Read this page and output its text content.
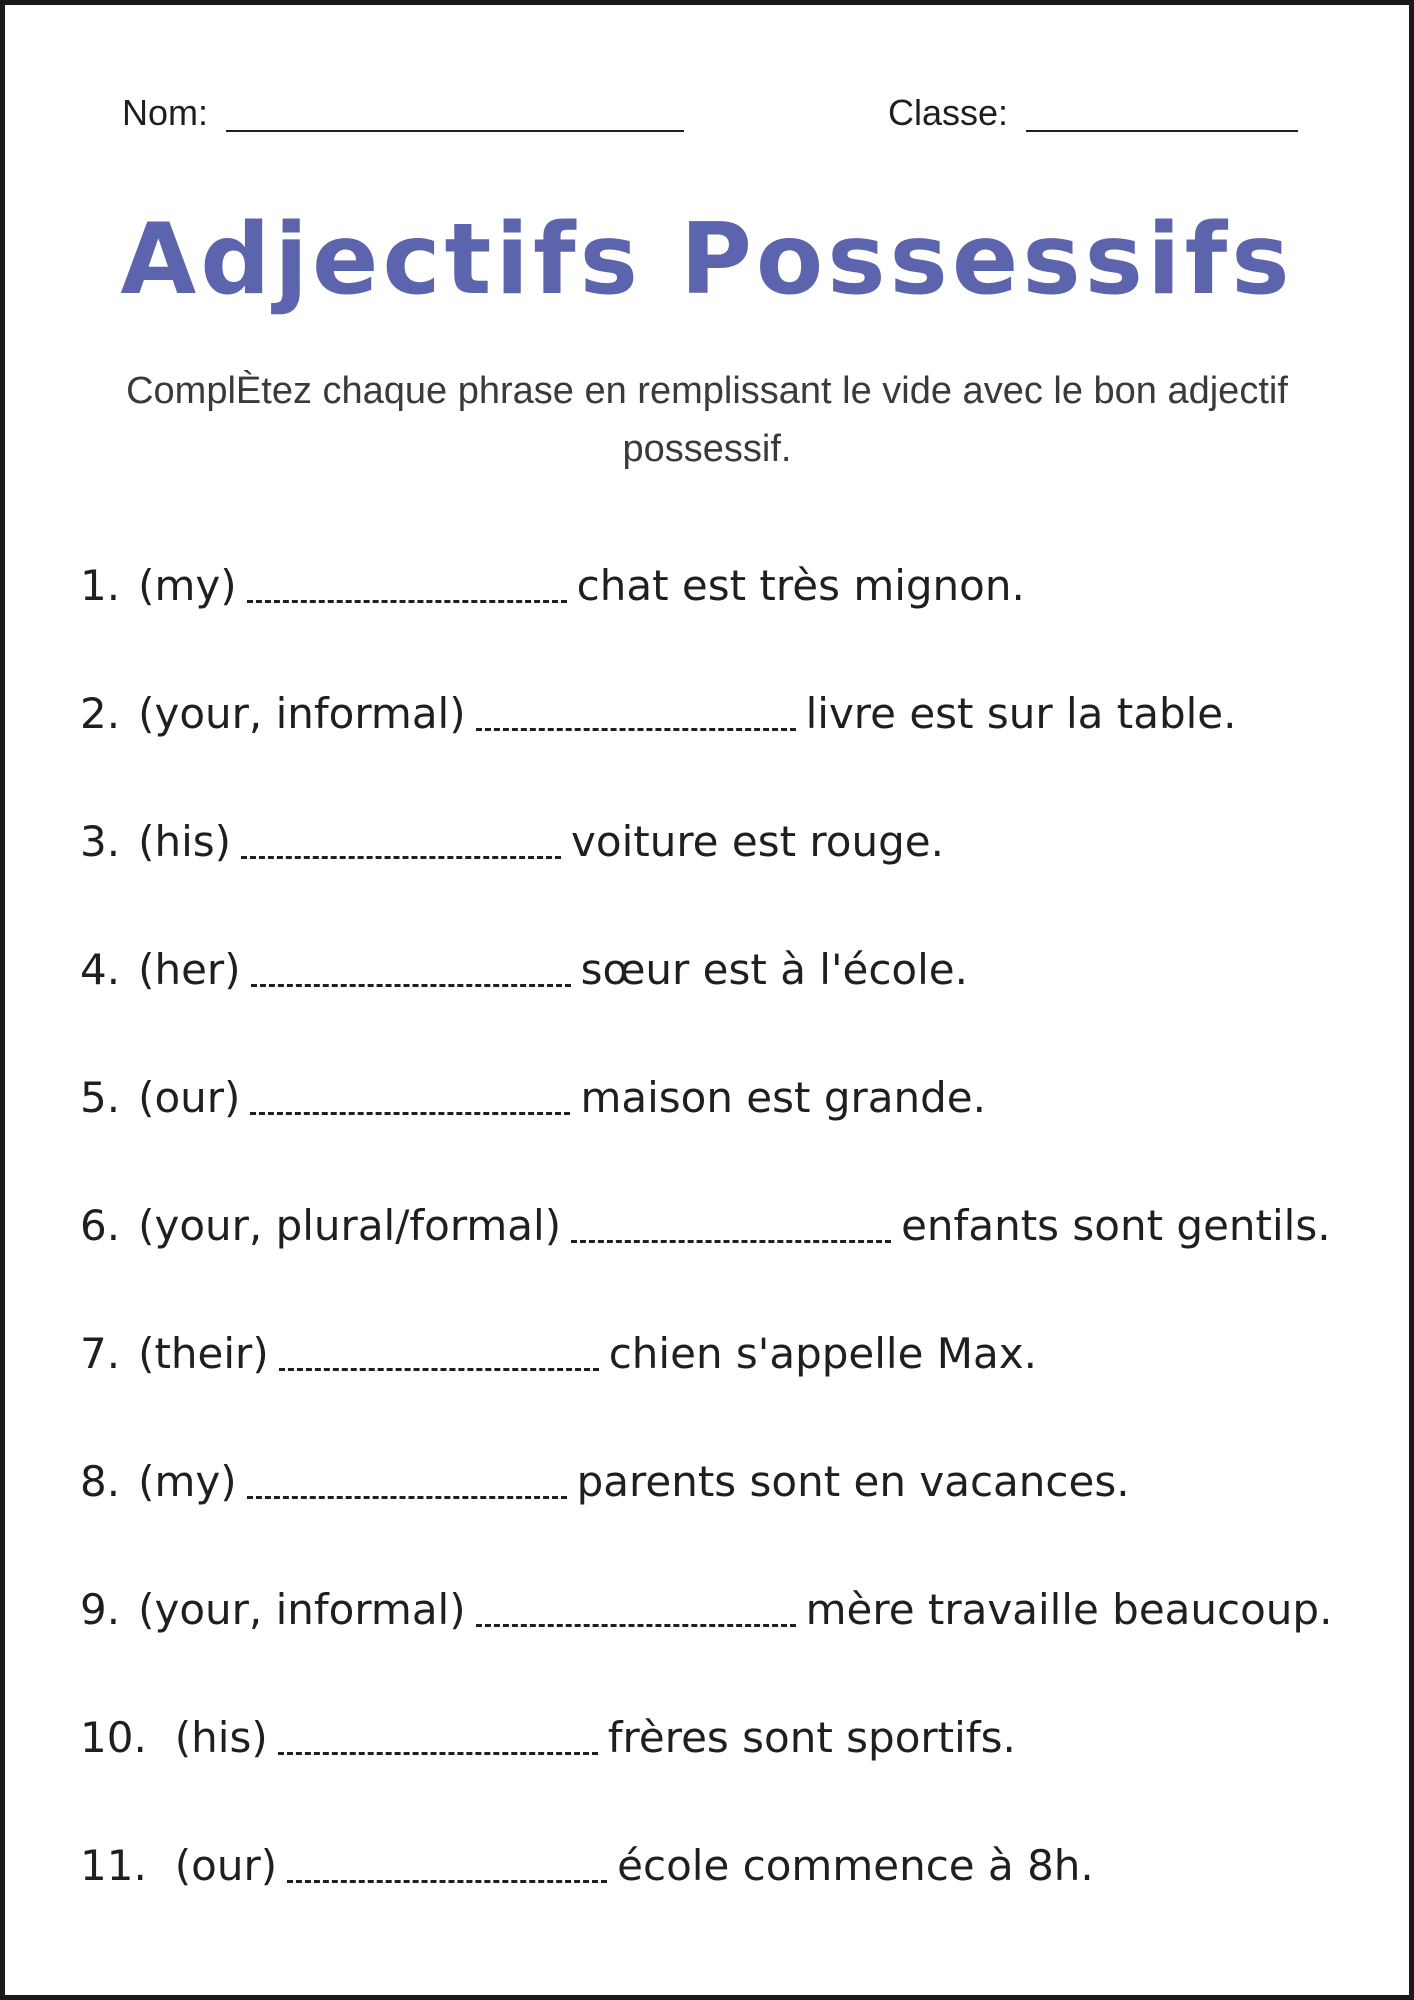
Nom:	Classe:
Adjectifs Possessifs
ComplÈtez chaque phrase en remplissant le vide avec le bon adjectif possessif.
1. (my)	chat est très mignon.
2. (your, informal)	livre est sur la table.
3. (his)	voiture est rouge.
4. (her)	sœur est à l'école.
5. (our)	maison est grande.
6. (your, plural/formal)	enfants sont gentils.
7. (their)	chien s'appelle Max.
8. (my)	parents sont en vacances.
9. (your, informal)	mère travaille beaucoup.
10. (his)	frères sont sportifs.
11. (our)	école commence à 8h.
